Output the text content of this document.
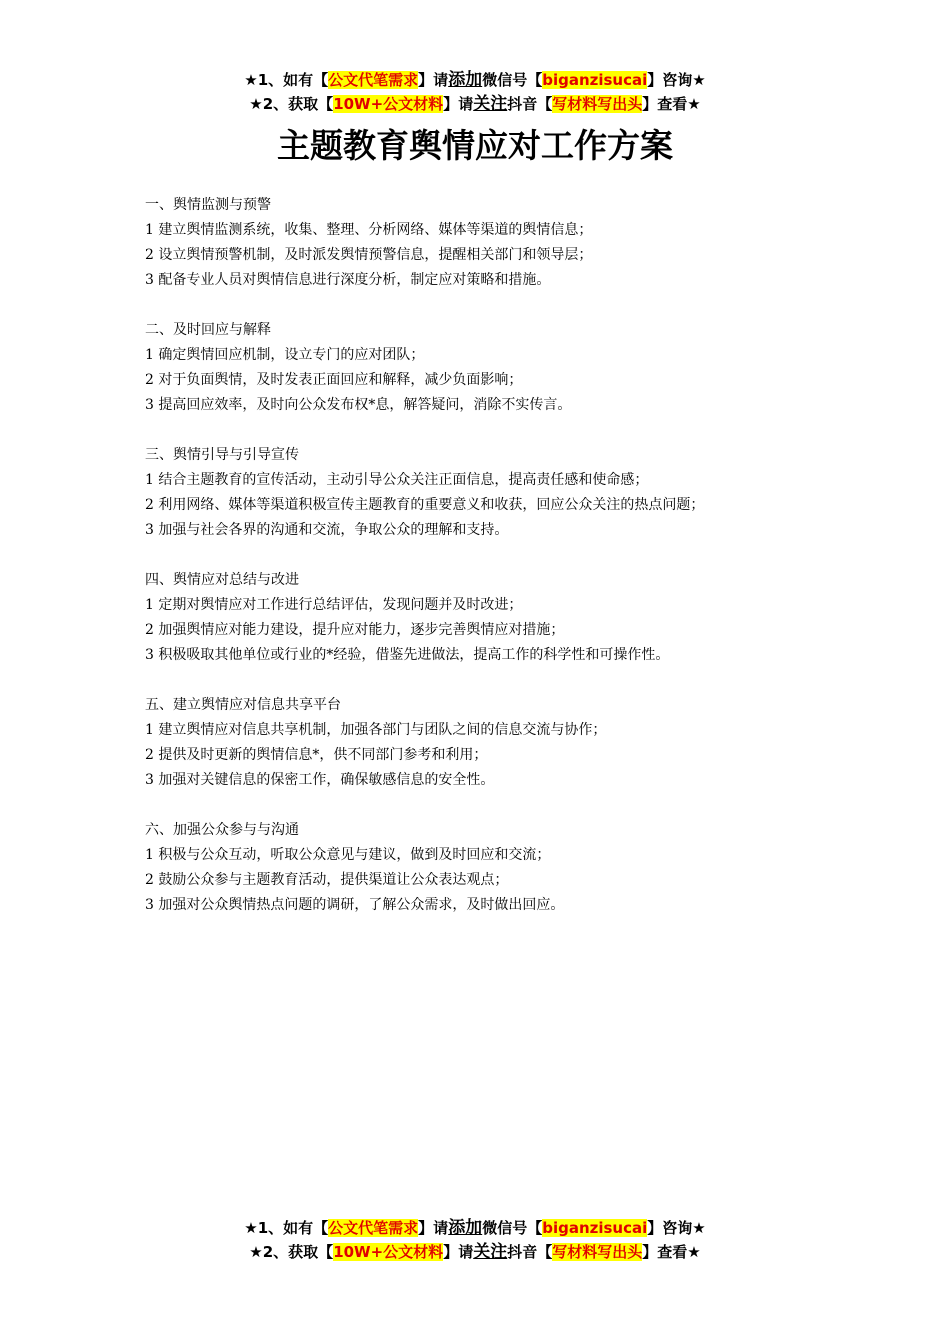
★1、如有【公文代笔需求】请添加微信号【biganzisucai】咨询★
★2、获取【10W+公文材料】请关注抖音【写材料写出头】查看★
主题教育舆情应对工作方案

一、舆情监测与预警

1 建立舆情监测系统，收集、整理、分析网络、媒体等渠道的舆情信息；

2 设立舆情预警机制，及时派发舆情预警信息，提醒相关部门和领导层；

3 配备专业人员对舆情信息进行深度分析，制定应对策略和措施。

二、及时回应与解释

1 确定舆情回应机制，设立专门的应对团队；

2 对于负面舆情，及时发表正面回应和解释，减少负面影响；

3 提高回应效率，及时向公众发布权*息，解答疑问，消除不实传言。

三、舆情引导与引导宣传

1 结合主题教育的宣传活动，主动引导公众关注正面信息，提高责任感和使命感；

2 利用网络、媒体等渠道积极宣传主题教育的重要意义和收获，回应公众关注的热点问题；

3 加强与社会各界的沟通和交流，争取公众的理解和支持。

四、舆情应对总结与改进

1 定期对舆情应对工作进行总结评估，发现问题并及时改进；

2 加强舆情应对能力建设，提升应对能力，逐步完善舆情应对措施；

3 积极吸取其他单位或行业的*经验，借鉴先进做法，提高工作的科学性和可操作性。

五、建立舆情应对信息共享平台

1 建立舆情应对信息共享机制，加强各部门与团队之间的信息交流与协作；

2 提供及时更新的舆情信息*，供不同部门参考和利用；

3 加强对关键信息的保密工作，确保敏感信息的安全性。

六、加强公众参与与沟通

1 积极与公众互动，听取公众意见与建议，做到及时回应和交流；

2 鼓励公众参与主题教育活动，提供渠道让公众表达观点；

3 加强对公众舆情热点问题的调研，了解公众需求，及时做出回应。

★1、如有【公文代笔需求】请添加微信号【biganzisucai】咨询★
★2、获取【10W+公文材料】请关注抖音【写材料写出头】查看★
